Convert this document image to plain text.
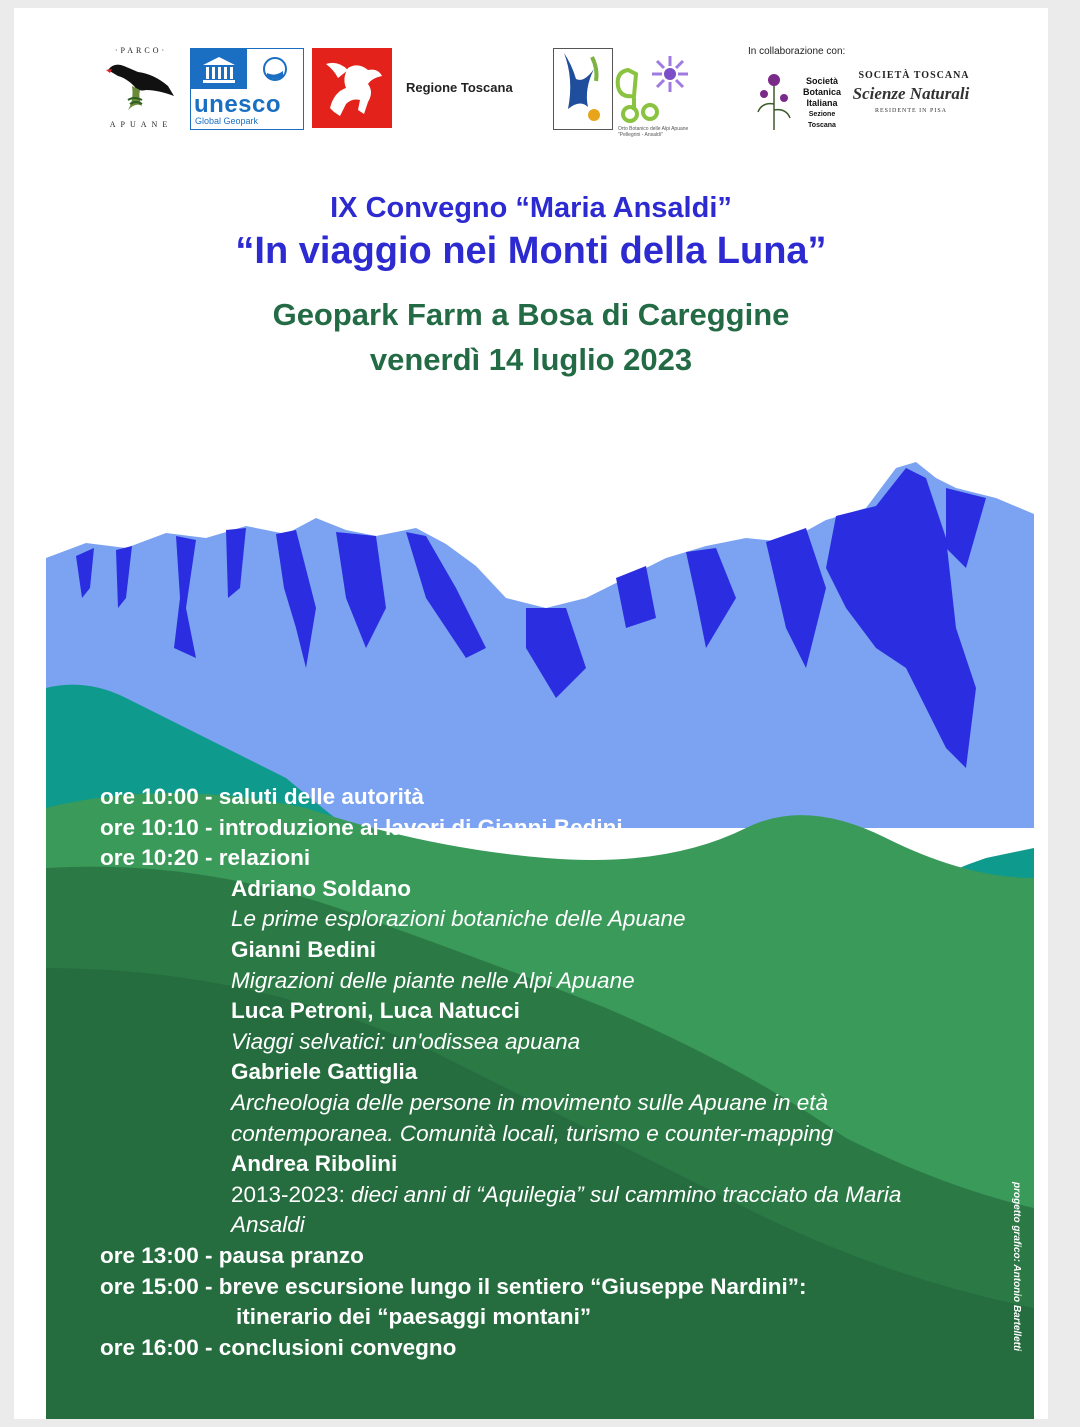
·PARCO·
APUANE
unesco
Global Geopark
Regione Toscana
Orto Botanico delle Alpi Apuane "Pellegrini - Ansaldi"
In collaborazione con:
Società
Botanica
Italiana
Sezione Toscana
SOCIETÀ TOSCANA
Scienze Naturali
RESIDENTE IN PISA

IX Convegno “Maria Ansaldi”

“In viaggio nei Monti della Luna”

Geopark Farm a Bosa di Careggine

venerdì 14 luglio 2023

ore 10:00 - saluti delle autorità
ore 10:10 - introduzione ai lavori di Gianni Bedini
ore 10:20 - relazioni
Adriano Soldano
Le prime esplorazioni botaniche delle Apuane
Gianni Bedini
Migrazioni delle piante nelle Alpi Apuane
Luca Petroni, Luca Natucci
Viaggi selvatici: un'odissea apuana
Gabriele Gattiglia
Archeologia delle persone in movimento sulle Apuane in età contemporanea. Comunità locali, turismo e counter-mapping
Andrea Ribolini
2013-2023: dieci anni di “Aquilegia” sul cammino tracciato da Maria Ansaldi
ore 13:00 - pausa pranzo
ore 15:00 - breve escursione lungo il sentiero “Giuseppe Nardini”:
itinerario dei “paesaggi montani”
ore 16:00 - conclusioni convegno	progetto grafico: Antonio Bartelletti
